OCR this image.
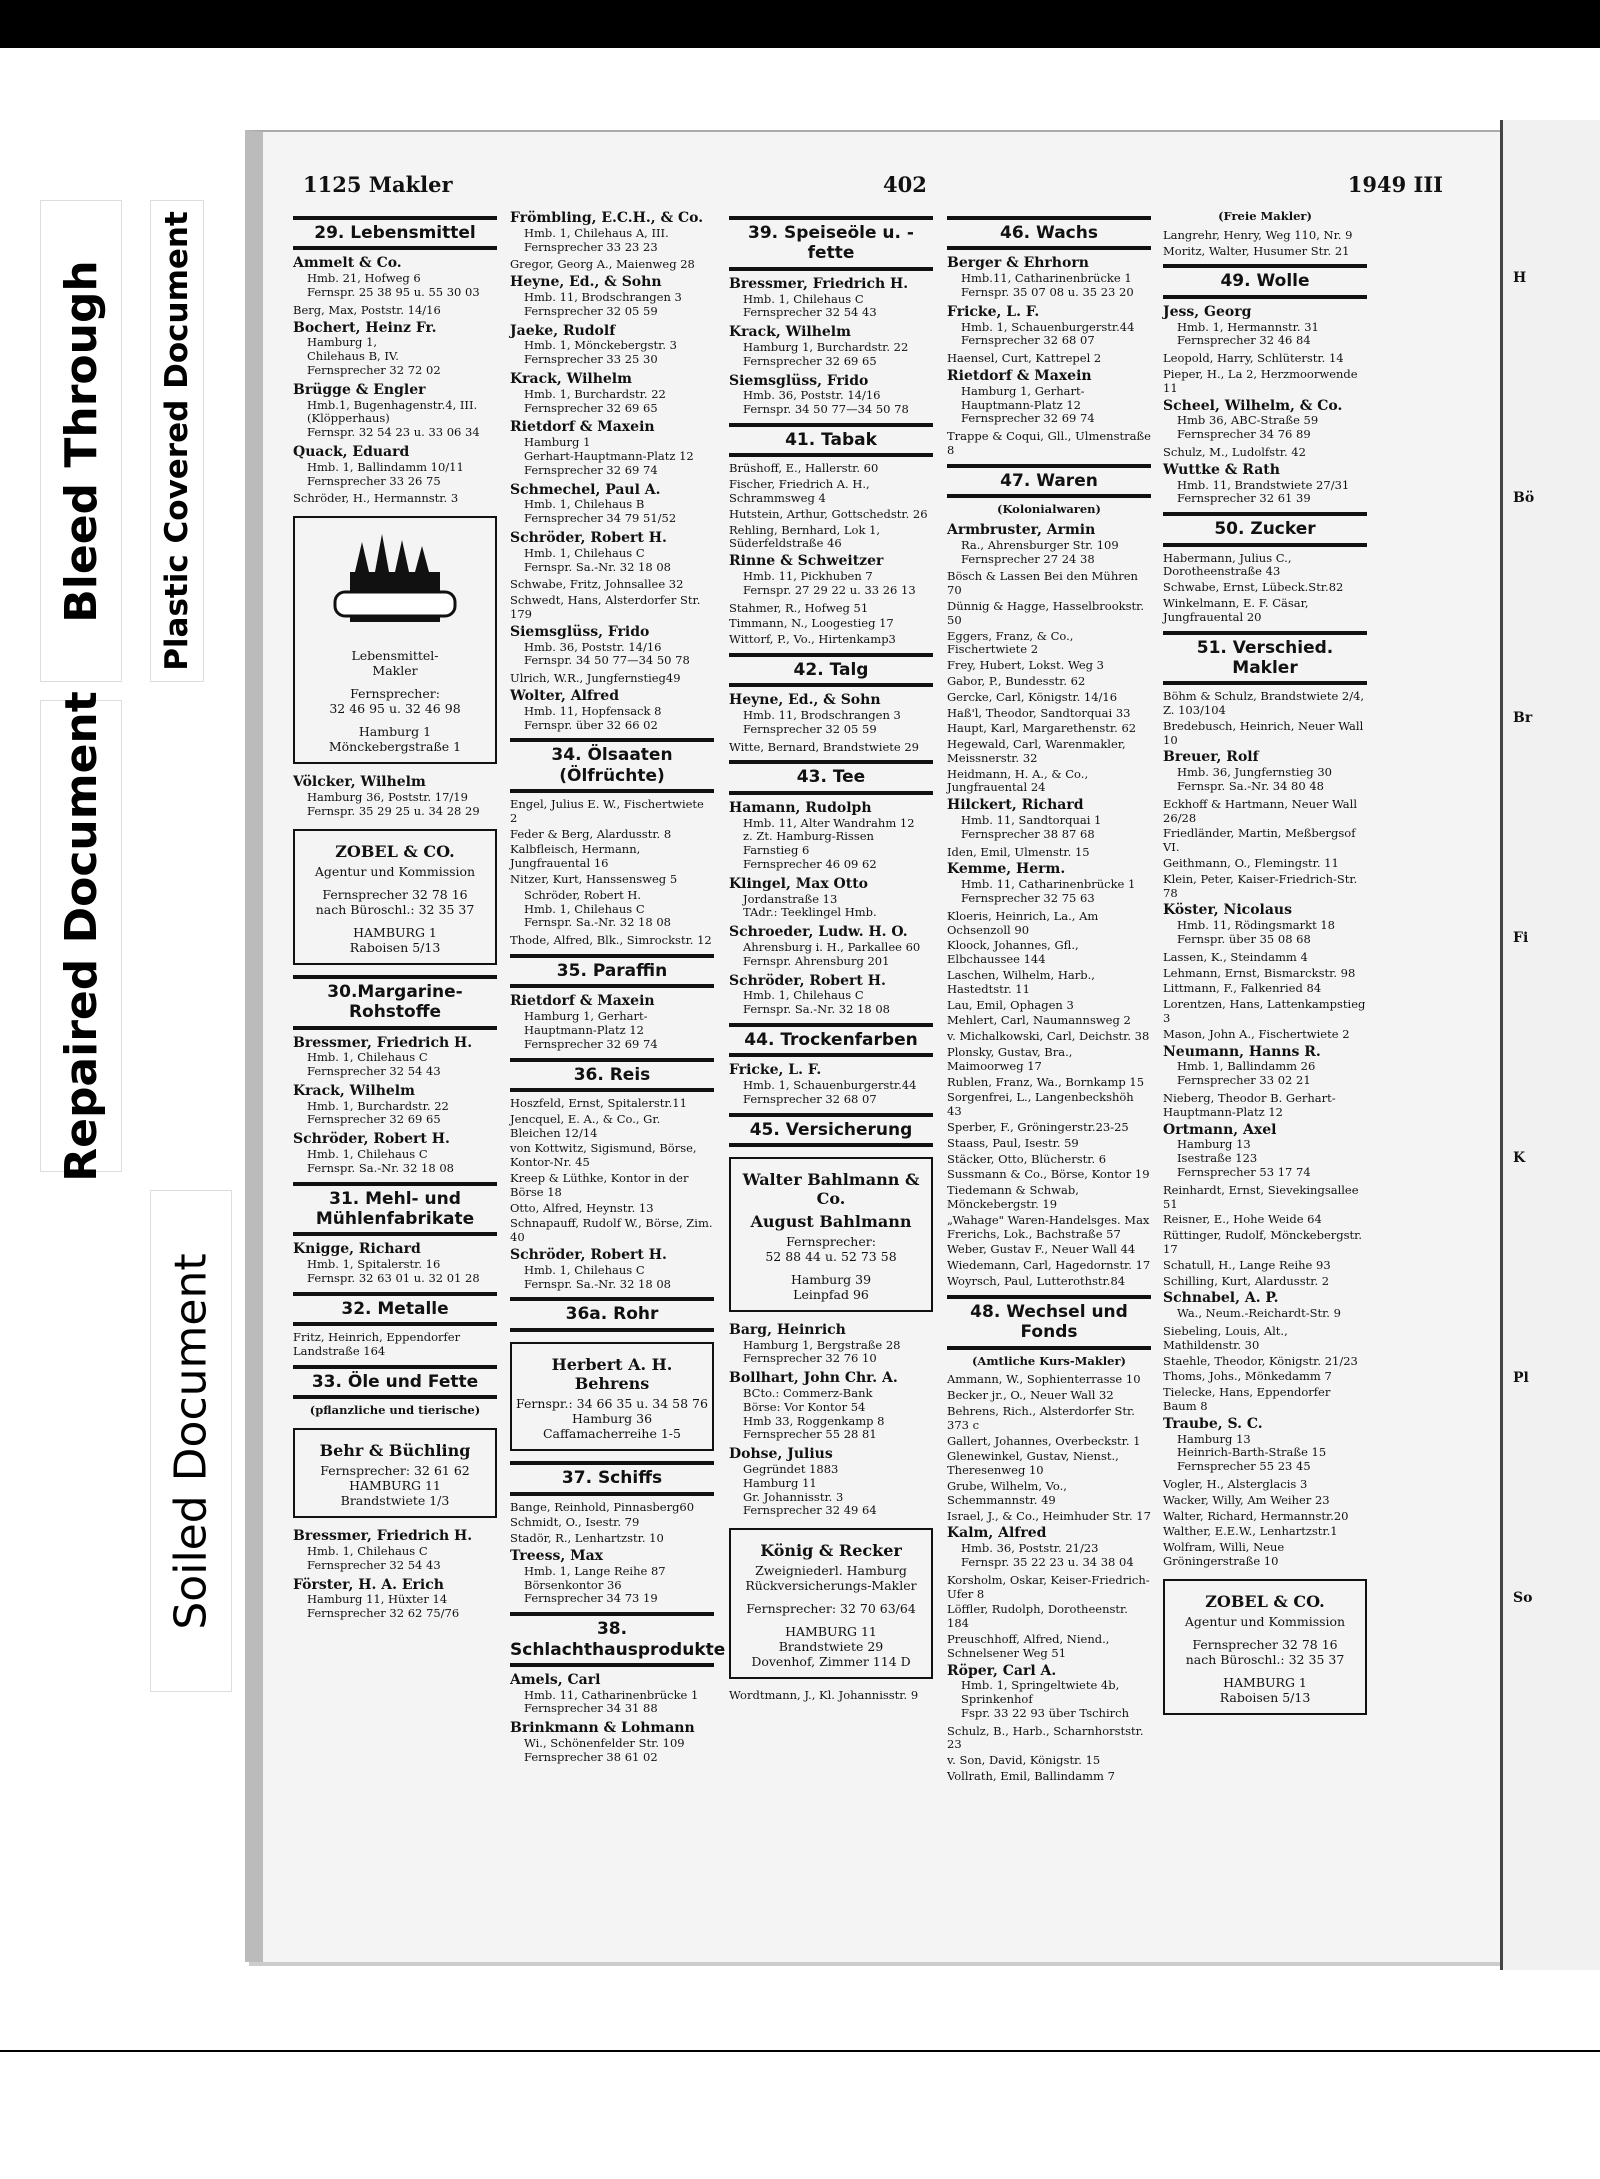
Bleed Through Plastic Covered Document
Repaired Document
Soiled Document
1125 Makler	402	1949 III
29. Lebensmittel
Ammelt & Co.
Hmb. 21, Hofweg 6
Fernspr. 25 38 95 u. 55 30 03
Berg, Max, Poststr. 14/16
Bochert, Heinz Fr.
Hamburg 1,
Chilehaus B, IV.
Fernsprecher 32 72 02
Brügge & Engler
Hmb.1, Bugenhagenstr.4, III.
(Klöpperhaus)
Fernspr. 32 54 23 u. 33 06 34
Quack, Eduard
Hmb. 1, Ballindamm 10/11
Fernsprecher 33 26 75
Schröder, H., Hermannstr. 3
Lebensmittel-
Makler
Fernsprecher:
32 46 95 u. 32 46 98
Hamburg 1
Mönckebergstraße 1
Völcker, Wilhelm
Hamburg 36, Poststr. 17/19
Fernspr. 35 29 25 u. 34 28 29
ZOBEL & CO.
Agentur und Kommission
Fernsprecher 32 78 16
nach Büroschl.: 32 35 37
HAMBURG 1
Raboisen 5/13
30.Margarine-Rohstoffe
Bressmer, Friedrich H.
Hmb. 1, Chilehaus C
Fernsprecher 32 54 43
Krack, Wilhelm
Hmb. 1, Burchardstr. 22
Fernsprecher 32 69 65
Schröder, Robert H.
Hmb. 1, Chilehaus C
Fernspr. Sa.-Nr. 32 18 08
31. Mehl- und Mühlenfabrikate
Knigge, Richard
Hmb. 1, Spitalerstr. 16
Fernspr. 32 63 01 u. 32 01 28
32. Metalle
Fritz, Heinrich, Eppendorfer Landstraße 164
33. Öle und Fette
(pflanzliche und tierische)
Behr & Büchling
Fernsprecher: 32 61 62
HAMBURG 11
Brandstwiete 1/3
Bressmer, Friedrich H.
Hmb. 1, Chilehaus C
Fernsprecher 32 54 43
Förster, H. A. Erich
Hamburg 11, Hüxter 14
Fernsprecher 32 62 75/76
Frömbling, E.C.H., & Co.
Hmb. 1, Chilehaus A, III.
Fernsprecher 33 23 23
Gregor, Georg A., Maienweg 28
Heyne, Ed., & Sohn
Hmb. 11, Brodschrangen 3
Fernsprecher 32 05 59
Jaeke, Rudolf
Hmb. 1, Mönckebergstr. 3
Fernsprecher 33 25 30
Krack, Wilhelm
Hmb. 1, Burchardstr. 22
Fernsprecher 32 69 65
Rietdorf & Maxein
Hamburg 1
Gerhart-Hauptmann-Platz 12
Fernsprecher 32 69 74
Schmechel, Paul A.
Hmb. 1, Chilehaus B
Fernsprecher 34 79 51/52
Schröder, Robert H.
Hmb. 1, Chilehaus C
Fernspr. Sa.-Nr. 32 18 08
Schwabe, Fritz, Johnsallee 32
Schwedt, Hans, Alsterdorfer Str. 179
Siemsglüss, Frido
Hmb. 36, Poststr. 14/16
Fernspr. 34 50 77—34 50 78
Ulrich, W.R., Jungfernstieg49
Wolter, Alfred
Hmb. 11, Hopfensack 8
Fernspr. über 32 66 02
34. Ölsaaten (Ölfrüchte)
Engel, Julius E. W., Fischertwiete 2
Feder & Berg, Alardusstr. 8
Kalbfleisch, Hermann, Jungfrauental 16
Nitzer, Kurt, Hanssensweg 5
Schröder, Robert H.
Hmb. 1, Chilehaus C
Fernspr. Sa.-Nr. 32 18 08
Thode, Alfred, Blk., Simrockstr. 12
35. Paraffin
Rietdorf & Maxein
Hamburg 1, Gerhart-
Hauptmann-Platz 12
Fernsprecher 32 69 74
36. Reis
Hoszfeld, Ernst, Spitalerstr.11
Jencquel, E. A., & Co., Gr. Bleichen 12/14
von Kottwitz, Sigismund, Börse, Kontor-Nr. 45
Kreep & Lüthke, Kontor in der Börse 18
Otto, Alfred, Heynstr. 13
Schnapauff, Rudolf W., Börse, Zim. 40
Schröder, Robert H.
Hmb. 1, Chilehaus C
Fernspr. Sa.-Nr. 32 18 08
36a. Rohr
Herbert A. H. Behrens
Fernspr.: 34 66 35 u. 34 58 76
Hamburg 36
Caffamacherreihe 1-5
37. Schiffs
Bange, Reinhold, Pinnasberg60
Schmidt, O., Isestr. 79
Stadör, R., Lenhartzstr. 10
Treess, Max
Hmb. 1, Lange Reihe 87
Börsenkontor 36
Fernsprecher 34 73 19
38. Schlachthausprodukte
Amels, Carl
Hmb. 11, Catharinenbrücke 1
Fernsprecher 34 31 88
Brinkmann & Lohmann
Wi., Schönenfelder Str. 109
Fernsprecher 38 61 02
39. Speiseöle u. -fette
Bressmer, Friedrich H.
Hmb. 1, Chilehaus C
Fernsprecher 32 54 43
Krack, Wilhelm
Hamburg 1, Burchardstr. 22
Fernsprecher 32 69 65
Siemsglüss, Frido
Hmb. 36, Poststr. 14/16
Fernspr. 34 50 77—34 50 78
41. Tabak
Brüshoff, E., Hallerstr. 60
Fischer, Friedrich A. H., Schrammsweg 4
Hutstein, Arthur, Gottschedstr. 26
Rehling, Bernhard, Lok 1, Süderfeldstraße 46
Rinne & Schweitzer
Hmb. 11, Pickhuben 7
Fernspr. 27 29 22 u. 33 26 13
Stahmer, R., Hofweg 51
Timmann, N., Loogestieg 17
Wittorf, P., Vo., Hirtenkamp3
42. Talg
Heyne, Ed., & Sohn
Hmb. 11, Brodschrangen 3
Fernsprecher 32 05 59
Witte, Bernard, Brandstwiete 29
43. Tee
Hamann, Rudolph
Hmb. 11, Alter Wandrahm 12
z. Zt. Hamburg-Rissen
Farnstieg 6
Fernsprecher 46 09 62
Klingel, Max Otto
Jordanstraße 13
TAdr.: Teeklingel Hmb.
Schroeder, Ludw. H. O.
Ahrensburg i. H., Parkallee 60
Fernspr. Ahrensburg 201
Schröder, Robert H.
Hmb. 1, Chilehaus C
Fernspr. Sa.-Nr. 32 18 08
44. Trockenfarben
Fricke, L. F.
Hmb. 1, Schauenburgerstr.44
Fernsprecher 32 68 07
45. Versicherung
Walter Bahlmann & Co.
August Bahlmann
Fernsprecher:
52 88 44 u. 52 73 58
Hamburg 39
Leinpfad 96
Barg, Heinrich
Hamburg 1, Bergstraße 28
Fernsprecher 32 76 10
Bollhart, John Chr. A.
BCto.: Commerz-Bank
Börse: Vor Kontor 54
Hmb 33, Roggenkamp 8
Fernsprecher 55 28 81
Dohse, Julius
Gegründet 1883
Hamburg 11
Gr. Johannisstr. 3
Fernsprecher 32 49 64
König & Recker
Zweigniederl. Hamburg
Rückversicherungs-Makler
Fernsprecher: 32 70 63/64
HAMBURG 11
Brandstwiete 29
Dovenhof, Zimmer 114 D
Wordtmann, J., Kl. Johannisstr. 9
46. Wachs
Berger & Ehrhorn
Hmb.11, Catharinenbrücke 1
Fernspr. 35 07 08 u. 35 23 20
Fricke, L. F.
Hmb. 1, Schauenburgerstr.44
Fernsprecher 32 68 07
Haensel, Curt, Kattrepel 2
Rietdorf & Maxein
Hamburg 1, Gerhart-
Hauptmann-Platz 12
Fernsprecher 32 69 74
Trappe & Coqui, Gll., Ulmenstraße 8
47. Waren
(Kolonialwaren)
Armbruster, Armin
Ra., Ahrensburger Str. 109
Fernsprecher 27 24 38
Bösch & Lassen Bei den Mühren 70
Dünnig & Hagge, Hasselbrookstr. 50
Eggers, Franz, & Co., Fischertwiete 2
Frey, Hubert, Lokst. Weg 3
Gabor, P., Bundesstr. 62
Gercke, Carl, Königstr. 14/16
Haß'l, Theodor, Sandtorquai 33
Haupt, Karl, Margarethenstr. 62
Hegewald, Carl, Warenmakler, Meissnerstr. 32
Heidmann, H. A., & Co., Jungfrauental 24
Hilckert, Richard
Hmb. 11, Sandtorquai 1
Fernsprecher 38 87 68
Iden, Emil, Ulmenstr. 15
Kemme, Herm.
Hmb. 11, Catharinenbrücke 1
Fernsprecher 32 75 63
Kloeris, Heinrich, La., Am Ochsenzoll 90
Kloock, Johannes, Gfl., Elbchaussee 144
Laschen, Wilhelm, Harb., Hastedtstr. 11
Lau, Emil, Ophagen 3
Mehlert, Carl, Naumannsweg 2
v. Michalkowski, Carl, Deichstr. 38
Plonsky, Gustav, Bra., Maimoorweg 17
Rublen, Franz, Wa., Bornkamp 15
Sorgenfrei, L., Langenbeckshöh 43
Sperber, F., Gröningerstr.23-25
Staass, Paul, Isestr. 59
Stäcker, Otto, Blücherstr. 6
Sussmann & Co., Börse, Kontor 19
Tiedemann & Schwab, Mönckebergstr. 19
„Wahage" Waren-Handelsges. Max Frerichs, Lok., Bachstraße 57
Weber, Gustav F., Neuer Wall 44
Wiedemann, Carl, Hagedornstr. 17
Woyrsch, Paul, Lutterothstr.84
48. Wechsel und Fonds
(Amtliche Kurs-Makler)
Ammann, W., Sophienterrasse 10
Becker jr., O., Neuer Wall 32
Behrens, Rich., Alsterdorfer Str. 373 c
Gallert, Johannes, Overbeckstr. 1
Glenewinkel, Gustav, Nienst., Theresenweg 10
Grube, Wilhelm, Vo., Schemmannstr. 49
Israel, J., & Co., Heimhuder Str. 17
Kalm, Alfred
Hmb. 36, Poststr. 21/23
Fernspr. 35 22 23 u. 34 38 04
Korsholm, Oskar, Keiser-Friedrich-Ufer 8
Löffler, Rudolph, Dorotheenstr. 184
Preuschhoff, Alfred, Niend., Schnelsener Weg 51
Röper, Carl A.
Hmb. 1, Springeltwiete 4b,
Sprinkenhof
Fspr. 33 22 93 über Tschirch
Schulz, B., Harb., Scharnhorststr. 23
v. Son, David, Königstr. 15
Vollrath, Emil, Ballindamm 7
(Freie Makler)
Langrehr, Henry, Weg 110, Nr. 9
Moritz, Walter, Husumer Str. 21
49. Wolle
Jess, Georg
Hmb. 1, Hermannstr. 31
Fernsprecher 32 46 84
Leopold, Harry, Schlüterstr. 14
Pieper, H., La 2, Herzmoorwende 11
Scheel, Wilhelm, & Co.
Hmb 36, ABC-Straße 59
Fernsprecher 34 76 89
Schulz, M., Ludolfstr. 42
Wuttke & Rath
Hmb. 11, Brandstwiete 27/31
Fernsprecher 32 61 39
50. Zucker
Habermann, Julius C., Dorotheenstraße 43
Schwabe, Ernst, Lübeck.Str.82
Winkelmann, E. F. Cäsar, Jungfrauental 20
51. Verschied. Makler
Böhm & Schulz, Brandstwiete 2/4, Z. 103/104
Bredebusch, Heinrich, Neuer Wall 10
Breuer, Rolf
Hmb. 36, Jungfernstieg 30
Fernspr. Sa.-Nr. 34 80 48
Eckhoff & Hartmann, Neuer Wall 26/28
Friedländer, Martin, Meßbergsof VI.
Geithmann, O., Flemingstr. 11
Klein, Peter, Kaiser-Friedrich-Str. 78
Köster, Nicolaus
Hmb. 11, Rödingsmarkt 18
Fernspr. über 35 08 68
Lassen, K., Steindamm 4
Lehmann, Ernst, Bismarckstr. 98
Littmann, F., Falkenried 84
Lorentzen, Hans, Lattenkampstieg 3
Mason, John A., Fischertwiete 2
Neumann, Hanns R.
Hmb. 1, Ballindamm 26
Fernsprecher 33 02 21
Nieberg, Theodor B. Gerhart-Hauptmann-Platz 12
Ortmann, Axel
Hamburg 13
Isestraße 123
Fernsprecher 53 17 74
Reinhardt, Ernst, Sievekingsallee 51
Reisner, E., Hohe Weide 64
Rüttinger, Rudolf, Mönckebergstr. 17
Schatull, H., Lange Reihe 93
Schilling, Kurt, Alardusstr. 2
Schnabel, A. P.
Wa., Neum.-Reichardt-Str. 9
Siebeling, Louis, Alt., Mathildenstr. 30
Staehle, Theodor, Königstr. 21/23
Thoms, Johs., Mönkedamm 7
Tielecke, Hans, Eppendorfer Baum 8
Traube, S. C.
Hamburg 13
Heinrich-Barth-Straße 15
Fernsprecher 55 23 45
Vogler, H., Alsterglacis 3
Wacker, Willy, Am Weiher 23
Walter, Richard, Hermannstr.20
Walther, E.E.W., Lenhartzstr.1
Wolfram, Willi, Neue Gröningerstraße 10
ZOBEL & CO.
Agentur und Kommission
Fernsprecher 32 78 16
nach Büroschl.: 32 35 37
HAMBURG 1
Raboisen 5/13
H
Bö
Br
Fi
K
Pl
So
